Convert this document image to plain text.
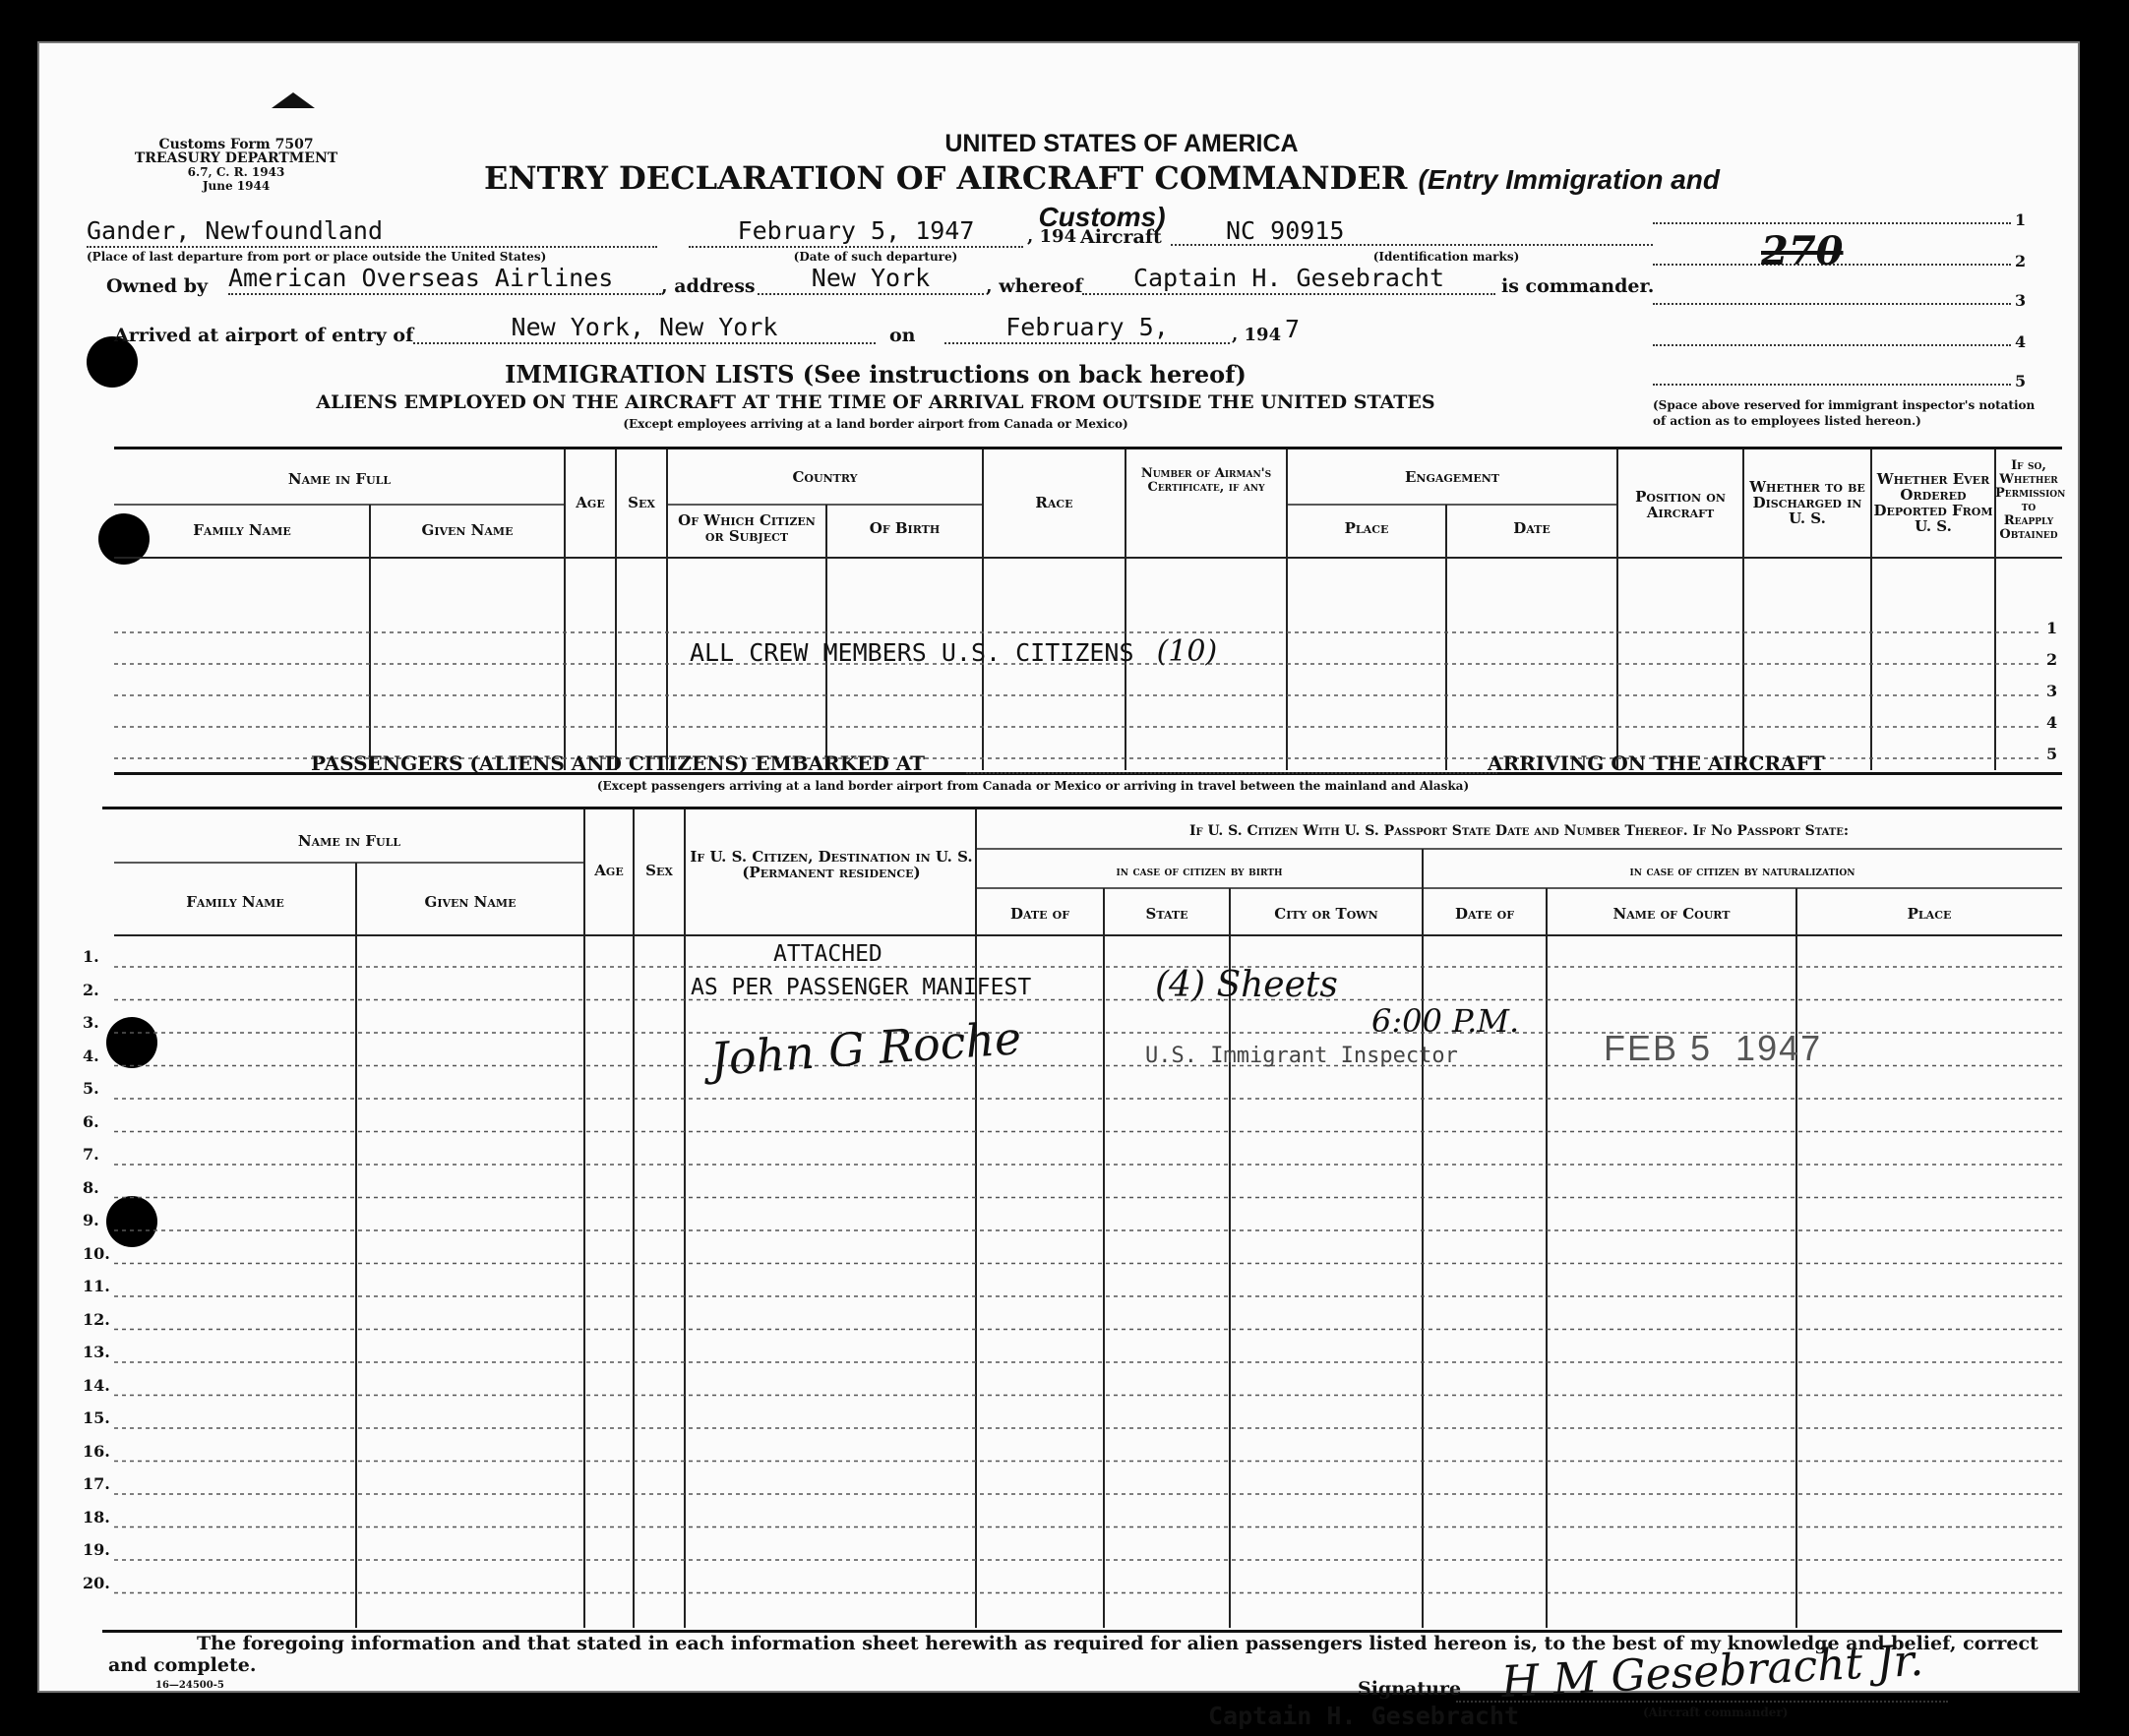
Customs Form 7507
TREASURY DEPARTMENT
6.7, C. R. 1943
June 1944
UNITED STATES OF AMERICA
ENTRY DECLARATION OF AIRCRAFT COMMANDER (Entry Immigration and Customs)
Gander, Newfoundland
(Place of last departure from port or place outside the United States)
February 5, 1947	, 194
(Date of such departure)
Aircraft	NC 90915
(Identification marks)
Owned by American Overseas Airlines	, address	New York	, whereof	Captain H. Gesebracht	is commander.
Arrived at airport of entry of	New York, New York	on	February 5,	, 194 7
1
2
3
4
5
270
(Space above reserved for immigrant inspector's notation of action as to employees listed hereon.)
IMMIGRATION LISTS (See instructions on back hereof)
ALIENS EMPLOYED ON THE AIRCRAFT AT THE TIME OF ARRIVAL FROM OUTSIDE THE UNITED STATES
(Except employees arriving at a land border airport from Canada or Mexico)
Name in Full
Family Name	Given Name
Age	Sex
Country
Of Which Citizen or Subject	Of Birth
Race
Number of Airman's Certificate, if any
Engagement
Place	Date
Position on Aircraft
Whether to be Discharged in U. S.
Whether Ever Ordered Deported From U. S.
If so, Whether Permission to Reapply Obtained
ALL CREW MEMBERS U.S. CITIZENS (10)
1
2
3
4
5
PASSENGERS (ALIENS AND CITIZENS) EMBARKED AT	ARRIVING ON THE AIRCRAFT
(Except passengers arriving at a land border airport from Canada or Mexico or arriving in travel between the mainland and Alaska)
Name in Full
Family Name	Given Name
Age	Sex
If U. S. Citizen, Destination in U. S. (Permanent residence)
If U. S. Citizen With U. S. Passport State Date and Number Thereof. If No Passport State:
in case of citizen by birth	in case of citizen by naturalization
Date of	State	City or Town	Date of	Name of Court	Place
1.
2.
3.
4.
5.
6.
7.
8.
9.
10.
11.
12.
13.
14.
15.
16.
17.
18.
19.
20.
ATTACHED
AS PER PASSENGER MANIFEST	(4) Sheets
6:00 P.M.
John G Roche	U.S. Immigrant Inspector	FEB 5  1947
The foregoing information and that stated in each information sheet herewith as required for alien passengers listed hereon is, to the best of my knowledge and belief, correct and complete.
16—24500-5	Signature H M Gesebracht Jr.
Captain H. Gesebracht	(Aircraft commander)
